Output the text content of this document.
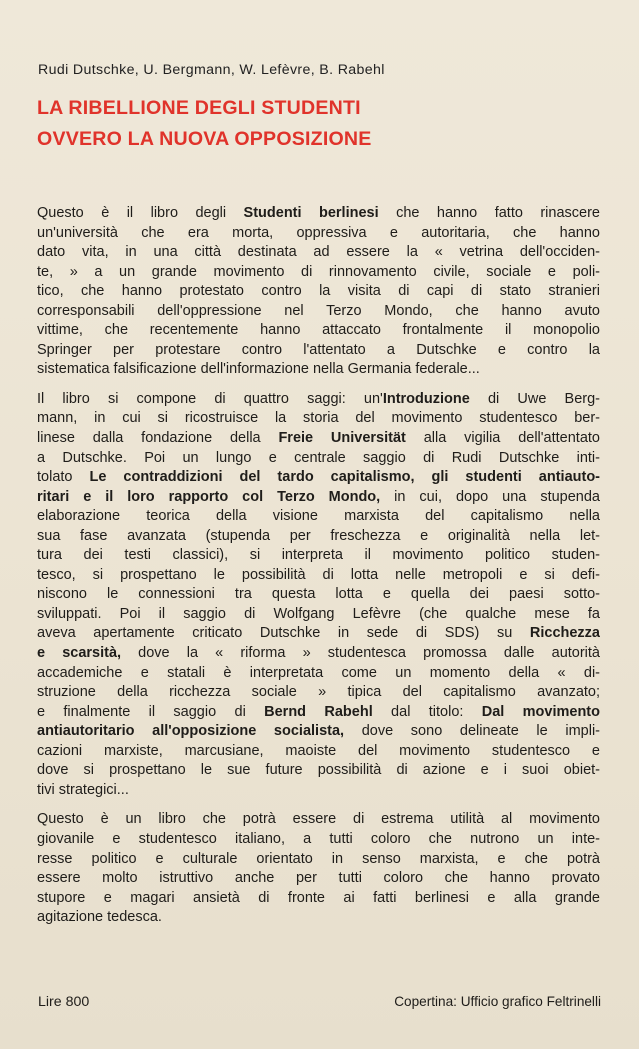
Rudi Dutschke, U. Bergmann, W. Lefèvre, B. Rabehl
LA RIBELLIONE DEGLI STUDENTI
OVVERO LA NUOVA OPPOSIZIONE
Questo è il libro degli Studenti berlinesi che hanno fatto rinascere
un'università che era morta, oppressiva e autoritaria, che hanno
dato vita, in una città destinata ad essere la « vetrina dell'occiden-
te, » a un grande movimento di rinnovamento civile, sociale e poli-
tico, che hanno protestato contro la visita di capi di stato stranieri
corresponsabili dell'oppressione nel Terzo Mondo, che hanno avuto
vittime, che recentemente hanno attaccato frontalmente il monopolio
Springer per protestare contro l'attentato a Dutschke e contro la
sistematica falsificazione dell'informazione nella Germania federale...
Il libro si compone di quattro saggi: un'Introduzione di Uwe Berg-
mann, in cui si ricostruisce la storia del movimento studentesco ber-
linese dalla fondazione della Freie Universität alla vigilia dell'attentato
a Dutschke. Poi un lungo e centrale saggio di Rudi Dutschke inti-
tolato Le contraddizioni del tardo capitalismo, gli studenti antiauto-
ritari e il loro rapporto col Terzo Mondo, in cui, dopo una stupenda
elaborazione teorica della visione marxista del capitalismo nella
sua fase avanzata (stupenda per freschezza e originalità nella let-
tura dei testi classici), si interpreta il movimento politico studen-
tesco, si prospettano le possibilità di lotta nelle metropoli e si defi-
niscono le connessioni tra questa lotta e quella dei paesi sotto-
sviluppati. Poi il saggio di Wolfgang Lefèvre (che qualche mese fa
aveva apertamente criticato Dutschke in sede di SDS) su Ricchezza
e scarsità, dove la « riforma » studentesca promossa dalle autorità
accademiche e statali è interpretata come un momento della « di-
struzione della ricchezza sociale » tipica del capitalismo avanzato;
e finalmente il saggio di Bernd Rabehl dal titolo: Dal movimento
antiautoritario all'opposizione socialista, dove sono delineate le impli-
cazioni marxiste, marcusiane, maoiste del movimento studentesco e
dove si prospettano le sue future possibilità di azione e i suoi obiet-
tivi strategici...
Questo è un libro che potrà essere di estrema utilità al movimento
giovanile e studentesco italiano, a tutti coloro che nutrono un inte-
resse politico e culturale orientato in senso marxista, e che potrà
essere molto istruttivo anche per tutti coloro che hanno provato
stupore e magari ansietà di fronte ai fatti berlinesi e alla grande
agitazione tedesca.
Lire 800	Copertina: Ufficio grafico Feltrinelli
